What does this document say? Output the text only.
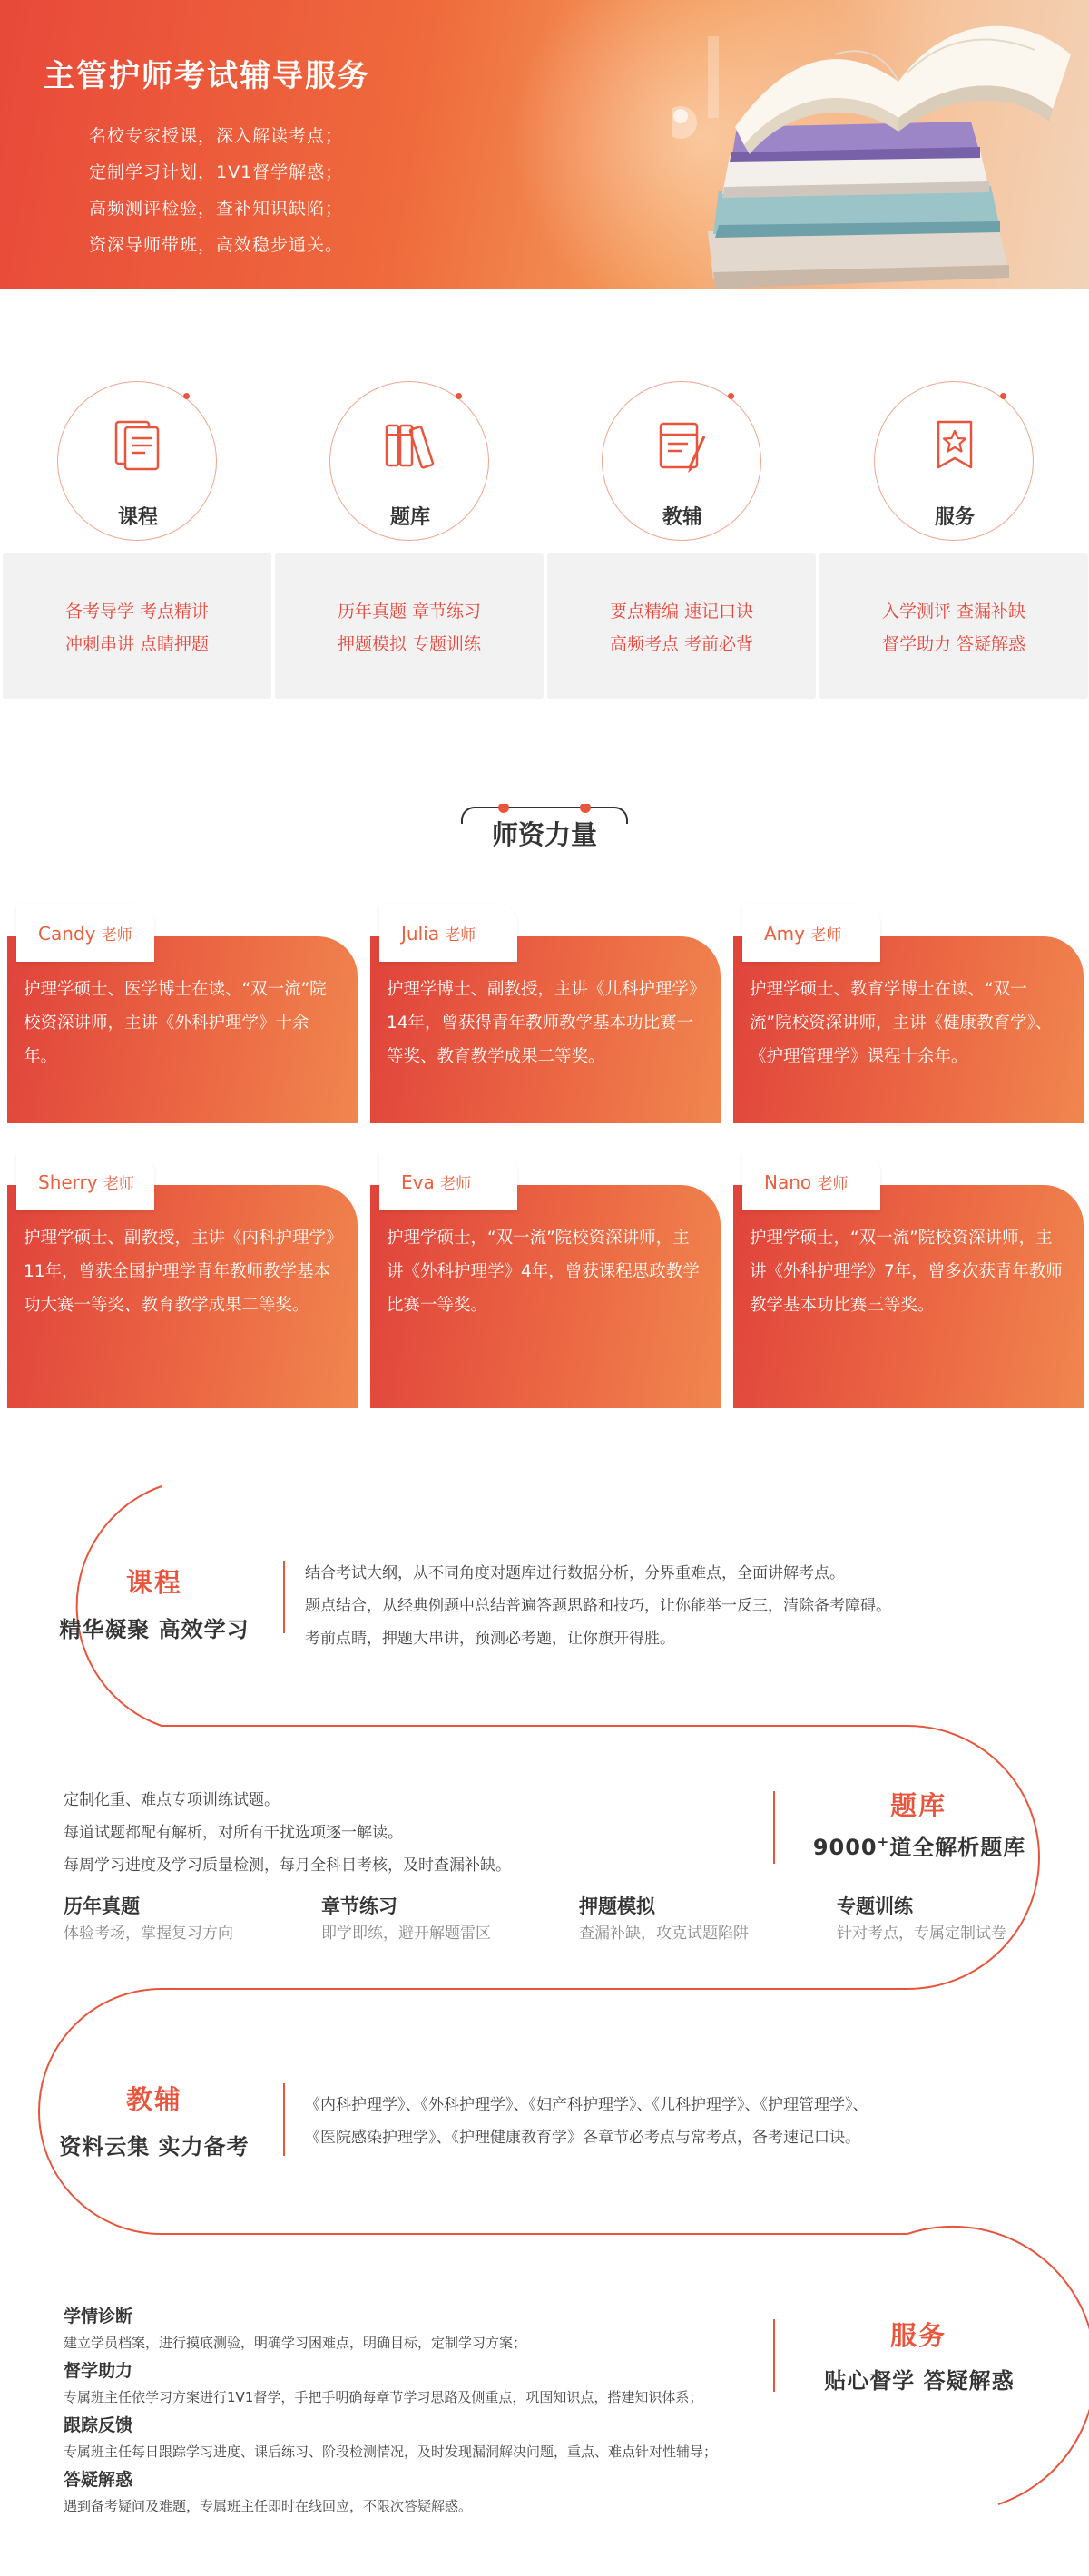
主管护师考试辅导服务
名校专家授课，深入解读考点；
定制学习计划，1V1督学解惑；
高频测评检验，查补知识缺陷；
资深导师带班，高效稳步通关。
课程
备考导学 考点精讲
冲刺串讲 点睛押题
题库
历年真题 章节练习
押题模拟 专题训练
教辅
要点精编 速记口诀
高频考点 考前必背
服务
入学测评 查漏补缺
督学助力 答疑解惑
师资力量

护理学硕士、医学博士在读、“双一流”院校资深讲师，主讲《外科护理学》十余年。

Candy 老师

护理学博士、副教授，主讲《儿科护理学》14年，曾获得青年教师教学基本功比赛一等奖、教育教学成果二等奖。

Julia 老师

护理学硕士、教育学博士在读、“双一流”院校资深讲师，主讲《健康教育学》、《护理管理学》课程十余年。

Amy 老师

护理学硕士、副教授，主讲《内科护理学》11年，曾获全国护理学青年教师教学基本功大赛一等奖、教育教学成果二等奖。

Sherry 老师

护理学硕士，“双一流”院校资深讲师，主讲《外科护理学》4年，曾获课程思政教学比赛一等奖。

Eva 老师

护理学硕士，“双一流”院校资深讲师，主讲《外科护理学》7年，曾多次获青年教师教学基本功比赛三等奖。

Nano 老师
课程
精华凝聚 高效学习
结合考试大纲，从不同角度对题库进行数据分析，分界重难点，全面讲解考点。
题点结合，从经典例题中总结普遍答题思路和技巧，让你能举一反三，清除备考障碍。
考前点睛，押题大串讲，预测必考题，让你旗开得胜。
定制化重、难点专项训练试题。
每道试题都配有解析，对所有干扰选项逐一解读。
每周学习进度及学习质量检测，每月全科目考核，及时查漏补缺。
题库
9000+道全解析题库
历年真题
体验考场，掌握复习方向
章节练习
即学即练，避开解题雷区
押题模拟
查漏补缺，攻克试题陷阱
专题训练
针对考点，专属定制试卷
教辅
资料云集 实力备考
《内科护理学》、《外科护理学》、《妇产科护理学》、《儿科护理学》、《护理管理学》、
《医院感染护理学》、《护理健康教育学》各章节必考点与常考点，备考速记口诀。
学情诊断
建立学员档案，进行摸底测验，明确学习困难点，明确目标，定制学习方案；
督学助力
专属班主任依学习方案进行1V1督学，手把手明确每章节学习思路及侧重点，巩固知识点，搭建知识体系；
跟踪反馈
专属班主任每日跟踪学习进度、课后练习、阶段检测情况，及时发现漏洞解决问题，重点、难点针对性辅导；
答疑解惑
遇到备考疑问及难题，专属班主任即时在线回应，不限次答疑解惑。
服务
贴心督学 答疑解惑
